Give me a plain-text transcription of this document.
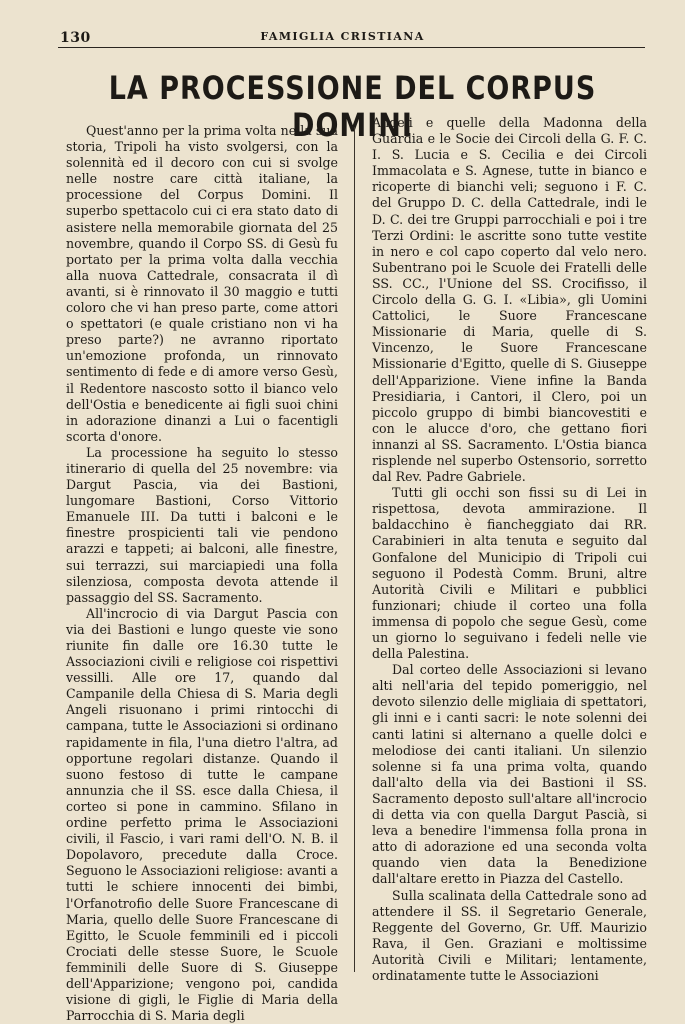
130	FAMIGLIA CRISTIANA
LA PROCESSIONE DEL CORPUS DOMINI

Quest'anno per la prima volta nella sua storia, Tripoli ha visto svolgersi, con la solennità ed il decoro con cui si svolge nelle nostre care città italiane, la processione del Corpus Domini. Il superbo spettacolo cui ci era stato dato di asistere nella memorabile giornata del 25 novembre, quando il Corpo SS. di Gesù fu portato per la prima volta dalla vecchia alla nuova Cattedrale, consacrata il dì avanti, si è rinnovato il 30 maggio e tutti coloro che vi han preso parte, come attori o spettatori (e quale cristiano non vi ha preso parte?) ne avranno riportato un'emozione profonda, un rinnovato sentimento di fede e di amore verso Gesù, il Redentore nascosto sotto il bianco velo dell'Ostia e benedicente ai figli suoi chini in adorazione dinanzi a Lui o facentigli scorta d'onore.

La processione ha seguito lo stesso itinerario di quella del 25 novembre: via Dargut Pascia, via dei Bastioni, lungomare Bastioni, Corso Vittorio Emanuele III. Da tutti i balconi e le finestre prospicienti tali vie pendono arazzi e tappeti; ai balconi, alle finestre, sui terrazzi, sui marciapiedi una folla silenziosa, composta devota attende il passaggio del SS. Sacramento.

All'incrocio di via Dargut Pascia con via dei Bastioni e lungo queste vie sono riunite fin dalle ore 16.30 tutte le Associazioni civili e religiose coi rispettivi vessilli. Alle ore 17, quando dal Campanile della Chiesa di S. Maria degli Angeli risuonano i primi rintocchi di campana, tutte le Associazioni si ordinano rapidamente in fila, l'una dietro l'altra, ad opportune regolari distanze. Quando il suono festoso di tutte le campane annunzia che il SS. esce dalla Chiesa, il corteo si pone in cammino. Sfilano in ordine perfetto prima le Associazioni civili, il Fascio, i vari rami dell'O. N. B. il Dopolavoro, precedute dalla Croce. Seguono le Associazioni religiose: avanti a tutti le schiere innocenti dei bimbi, l'Orfanotrofio delle Suore Francescane di Maria, quello delle Suore Francescane di Egitto, le Scuole femminili ed i piccoli Crociati delle stesse Suore, le Scuole femminili delle Suore di S. Giuseppe dell'Apparizione; vengono poi, candida visione di gigli, le Figlie di Maria della Parrocchia di S. Maria degli

Angeli e quelle della Madonna della Guardia e le Socie dei Circoli della G. F. C. I. S. Lucia e S. Cecilia e dei Circoli Immacolata e S. Agnese, tutte in bianco e ricoperte di bianchi veli; seguono i F. C. del Gruppo D. C. della Cattedrale, indi le D. C. dei tre Gruppi parrocchiali e poi i tre Terzi Ordini: le ascritte sono tutte vestite in nero e col capo coperto dal velo nero. Subentrano poi le Scuole dei Fratelli delle SS. CC., l'Unione del SS. Crocifisso, il Circolo della G. G. I. «Libia», gli Uomini Cattolici, le Suore Francescane Missionarie di Maria, quelle di S. Vincenzo, le Suore Francescane Missionarie d'Egitto, quelle di S. Giuseppe dell'Apparizione. Viene infine la Banda Presidiaria, i Cantori, il Clero, poi un piccolo gruppo di bimbi biancovestiti e con le alucce d'oro, che gettano fiori innanzi al SS. Sacramento. L'Ostia bianca risplende nel superbo Ostensorio, sorretto dal Rev. Padre Gabriele.

Tutti gli occhi son fissi su di Lei in rispettosa, devota ammirazione. Il baldacchino è fiancheggiato dai RR. Carabinieri in alta tenuta e seguito dal Gonfalone del Municipio di Tripoli cui seguono il Podestà Comm. Bruni, altre Autorità Civili e Militari e pubblici funzionari; chiude il corteo una folla immensa di popolo che segue Gesù, come un giorno lo seguivano i fedeli nelle vie della Palestina.

Dal corteo delle Associazioni si levano alti nell'aria del tepido pomeriggio, nel devoto silenzio delle migliaia di spettatori, gli inni e i canti sacri: le note solenni dei canti latini si alternano a quelle dolci e melodiose dei canti italiani. Un silenzio solenne si fa una prima volta, quando dall'alto della via dei Bastioni il SS. Sacramento deposto sull'altare all'incrocio di detta via con quella Dargut Pascià, si leva a benedire l'immensa folla prona in atto di adorazione ed una seconda volta quando vien data la Benedizione dall'altare eretto in Piazza del Castello.

Sulla scalinata della Cattedrale sono ad attendere il SS. il Segretario Generale, Reggente del Governo, Gr. Uff. Maurizio Rava, il Gen. Graziani e moltissime Autorità Civili e Militari; lentamente, ordinatamente tutte le Associazioni
